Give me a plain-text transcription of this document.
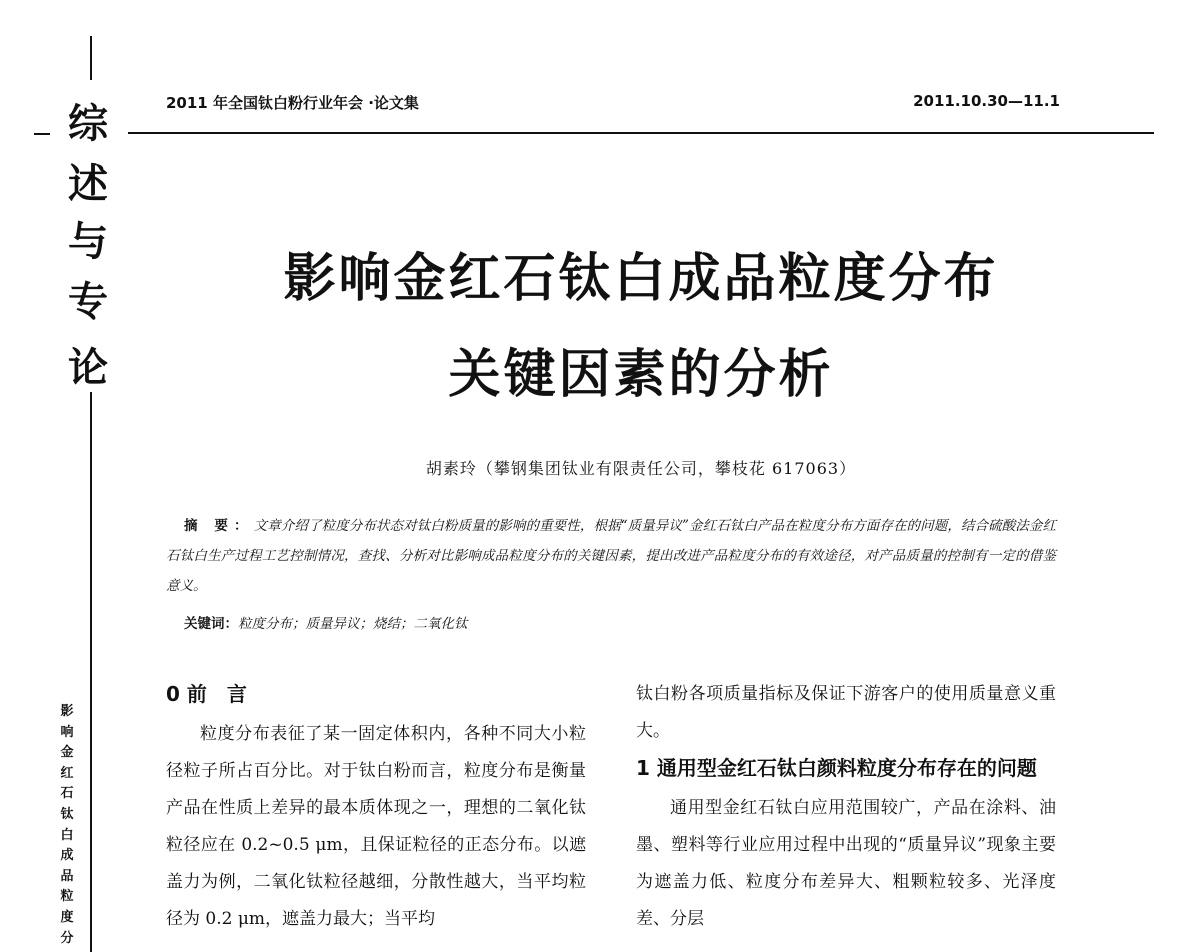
综
述
与
专
论
影
响
金
红
石
钛
白
成
品
粒
度
分
2011 年全国钛白粉行业年会 ·论文集	2011.10.30—11.1
影响金红石钛白成品粒度分布
关键因素的分析
胡素玲（攀钢集团钛业有限责任公司，攀枝花 617063）
摘 要：文章介绍了粒度分布状态对钛白粉质量的影响的重要性，根据“质量异议”金红石钛白产品在粒度分布方面存在的问题，结合硫酸法金红石钛白生产过程工艺控制情况，查找、分析对比影响成品粒度分布的关键因素，提出改进产品粒度分布的有效途径，对产品质量的控制有一定的借鉴意义。
关键词：粒度分布；质量异议；烧结；二氧化钛
0 前　言

粒度分布表征了某一固定体积内，各种不同大小粒径粒子所占百分比。对于钛白粉而言，粒度分布是衡量产品在性质上差异的最本质体现之一，理想的二氧化钛粒径应在 0.2~0.5 μm，且保证粒径的正态分布。以遮盖力为例，二氧化钛粒径越细，分散性越大，当平均粒径为 0.2 μm，遮盖力最大；当平均

钛白粉各项质量指标及保证下游客户的使用质量意义重大。

1 通用型金红石钛白颜料粒度分布存在的问题

通用型金红石钛白应用范围较广，产品在涂料、油墨、塑料等行业应用过程中出现的“质量异议”现象主要为遮盖力低、粒度分布差异大、粗颗粒较多、光泽度差、分层
